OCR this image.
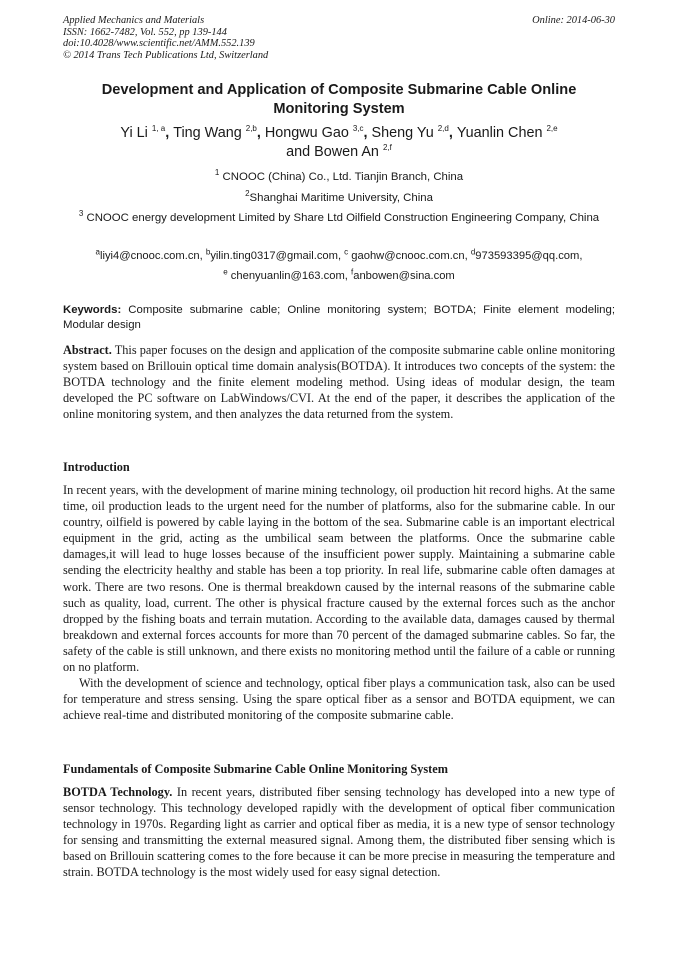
Applied Mechanics and Materials
ISSN: 1662-7482, Vol. 552, pp 139-144
doi:10.4028/www.scientific.net/AMM.552.139
© 2014 Trans Tech Publications Ltd, Switzerland
Online: 2014-06-30
Development and Application of Composite Submarine Cable Online Monitoring System
Yi Li $^{1, a}$, Ting Wang $^{2,b}$, Hongwu Gao $^{3,c}$, Sheng Yu $^{2,d}$, Yuanlin Chen $^{2,e}$
and Bowen An $^{2,f}$
$^1$ CNOOC (China) Co., Ltd. Tianjin Branch, China
$^2$Shanghai Maritime University, China
$^3$ CNOOC energy development Limited by Share Ltd Oilfield Construction Engineering Company, China
$^a$liyi4@cnooc.com.cn, $^b$yilin.ting0317@gmail.com, $^c$ gaohw@cnooc.com.cn, $^d$973593395@qq.com,
$^e$ chenyuanlin@163.com, $^f$anbowen@sina.com
Keywords: Composite submarine cable; Online monitoring system; BOTDA; Finite element modeling; Modular design
Abstract. This paper focuses on the design and application of the composite submarine cable online monitoring system based on Brillouin optical time domain analysis(BOTDA). It introduces two concepts of the system: the BOTDA technology and the finite element modeling method. Using ideas of modular design, the team developed the PC software on LabWindows/CVI. At the end of the paper, it describes the application of the online monitoring system, and then analyzes the data returned from the system.
Introduction

In recent years, with the development of marine mining technology, oil production hit record highs. At the same time, oil production leads to the urgent need for the number of platforms, also for the submarine cable. In our country, oilfield is powered by cable laying in the bottom of the sea. Submarine cable is an important electrical equipment in the grid, acting as the umbilical seam between the platforms. Once the submarine cable damages,it will lead to huge losses because of the insufficient power supply. Maintaining a submarine cable sending the electricity healthy and stable has been a top priority. In real life, submarine cable often damages at work. There are two resons. One is thermal breakdown caused by the internal reasons of the submarine cable such as quality, load, current. The other is physical fracture caused by the external forces such as the anchor dropped by the fishing boats and terrain mutation. According to the available data, damages caused by thermal breakdown and external forces accounts for more than 70 percent of the damaged submarine cables. So far, the safety of the cable is still unknown, and there exists no monitoring method until the failure of a cable or running on no platform.

With the development of science and technology, optical fiber plays a communication task, also can be used for temperature and stress sensing. Using the spare optical fiber as a sensor and BOTDA equipment, we can achieve real-time and distributed monitoring of the composite submarine cable.

Fundamentals of Composite Submarine Cable Online Monitoring System
BOTDA Technology. In recent years, distributed fiber sensing technology has developed into a new type of sensor technology. This technology developed rapidly with the development of optical fiber communication technology in 1970s. Regarding light as carrier and optical fiber as media, it is a new type of sensor technology for sensing and transmitting the external measured signal. Among them, the distributed fiber sensing which is based on Brillouin scattering comes to the fore because it can be more precise in measuring the temperature and strain. BOTDA technology is the most widely used for easy signal detection.
